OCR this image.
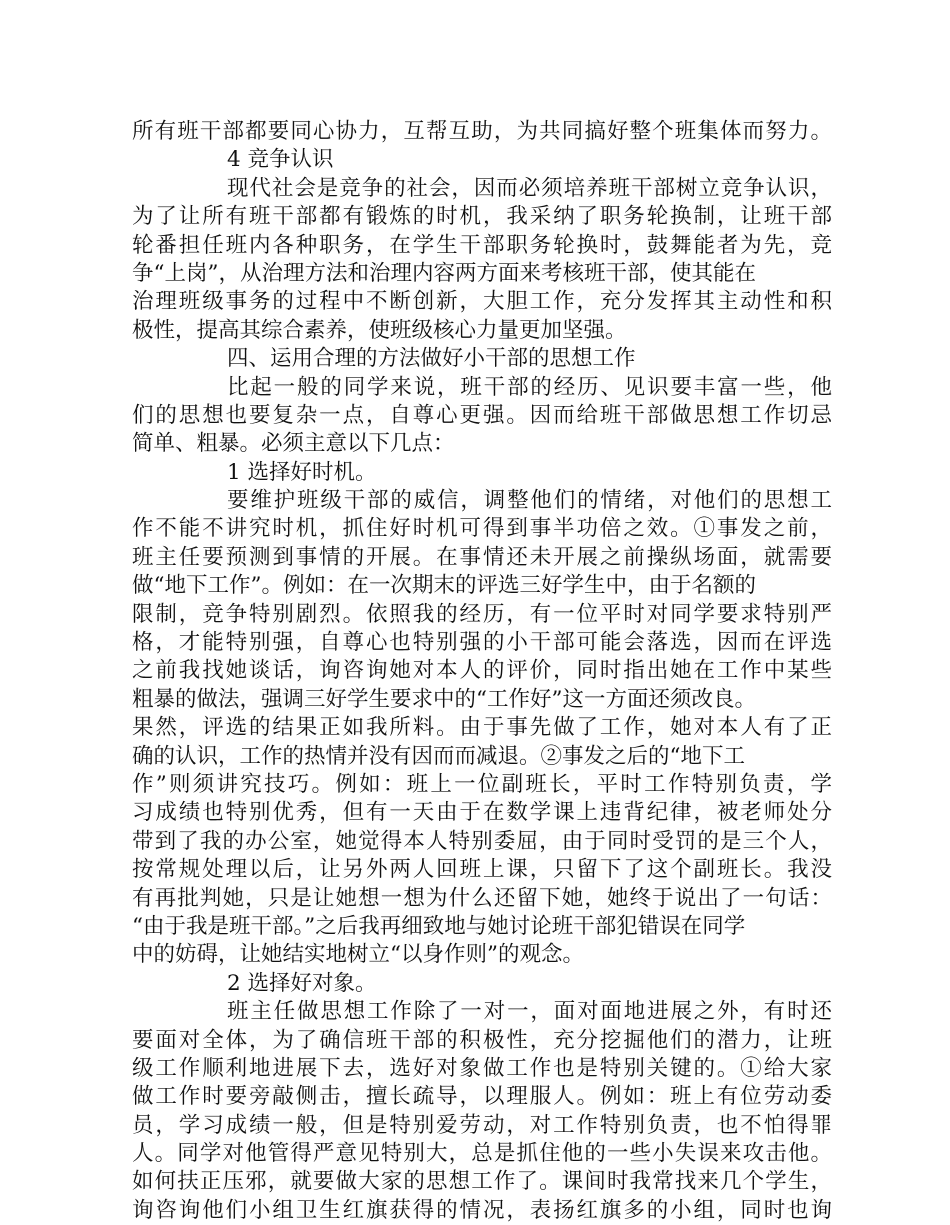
所有班干部都要同心协力，互帮互助，为共同搞好整个班集体而努力。
4 竞争认识
现代社会是竞争的社会，因而必须培养班干部树立竞争认识，
为了让所有班干部都有锻炼的时机，我采纳了职务轮换制，让班干部
轮番担任班内各种职务，在学生干部职务轮换时，鼓舞能者为先，竞
争“上岗”，从治理方法和治理内容两方面来考核班干部，使其能在
治理班级事务的过程中不断创新，大胆工作，充分发挥其主动性和积
极性，提高其综合素养，使班级核心力量更加坚强。
四、运用合理的方法做好小干部的思想工作
比起一般的同学来说，班干部的经历、见识要丰富一些，他
们的思想也要复杂一点，自尊心更强。因而给班干部做思想工作切忌
简单、粗暴。必须主意以下几点：
1 选择好时机。
要维护班级干部的威信，调整他们的情绪，对他们的思想工
作不能不讲究时机，抓住好时机可得到事半功倍之效。①事发之前，
班主任要预测到事情的开展。在事情还未开展之前操纵场面，就需要
做“地下工作”。例如：在一次期末的评选三好学生中，由于名额的
限制，竞争特别剧烈。依照我的经历，有一位平时对同学要求特别严
格，才能特别强，自尊心也特别强的小干部可能会落选，因而在评选
之前我找她谈话，询咨询她对本人的评价，同时指出她在工作中某些
粗暴的做法，强调三好学生要求中的“工作好”这一方面还须改良。
果然，评选的结果正如我所料。由于事先做了工作，她对本人有了正
确的认识，工作的热情并没有因而而减退。②事发之后的“地下工
作”则须讲究技巧。例如：班上一位副班长，平时工作特别负责，学
习成绩也特别优秀，但有一天由于在数学课上违背纪律，被老师处分
带到了我的办公室，她觉得本人特别委屈，由于同时受罚的是三个人，
按常规处理以后，让另外两人回班上课，只留下了这个副班长。我没
有再批判她，只是让她想一想为什么还留下她，她终于说出了一句话：
“由于我是班干部。”之后我再细致地与她讨论班干部犯错误在同学
中的妨碍，让她结实地树立“以身作则”的观念。
2 选择好对象。
班主任做思想工作除了一对一，面对面地进展之外，有时还
要面对全体，为了确信班干部的积极性，充分挖掘他们的潜力，让班
级工作顺利地进展下去，选好对象做工作也是特别关键的。①给大家
做工作时要旁敲侧击，擅长疏导，以理服人。例如：班上有位劳动委
员，学习成绩一般，但是特别爱劳动，对工作特别负责，也不怕得罪
人。同学对他管得严意见特别大，总是抓住他的一些小失误来攻击他。
如何扶正压邪，就要做大家的思想工作了。课间时我常找来几个学生，
询咨询他们小组卫生红旗获得的情况，表扬红旗多的小组，同时也询
